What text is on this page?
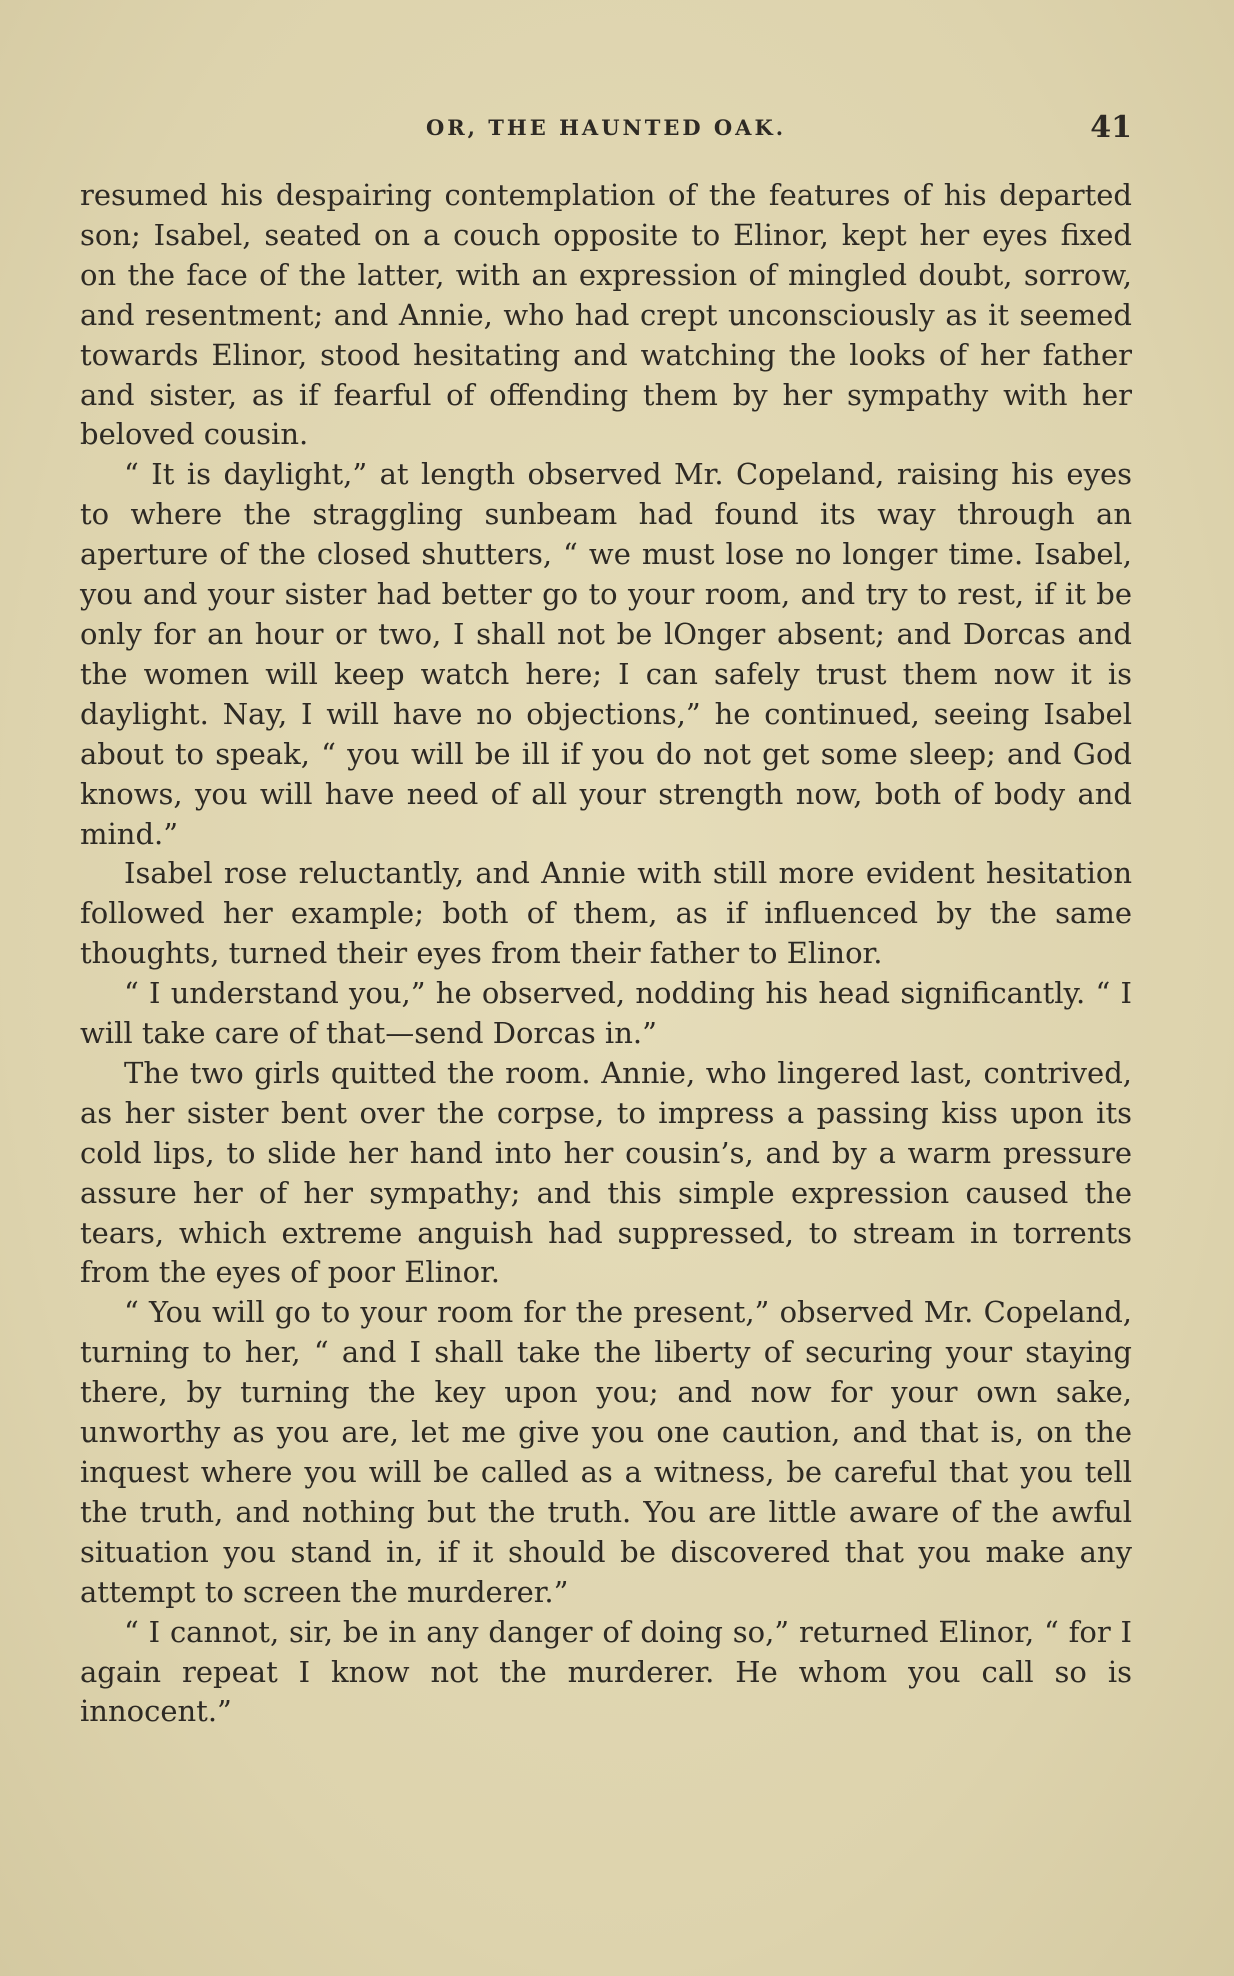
OR, THE HAUNTED OAK.	41

resumed his despairing contemplation of the features of his departed son; Isabel, seated on a couch opposite to Elinor, kept her eyes fixed on the face of the latter, with an expression of mingled doubt, sorrow, and resentment; and Annie, who had crept unconsciously as it seemed towards Elinor, stood hesitating and watching the looks of her father and sister, as if fearful of offending them by her sympathy with her beloved cousin.

“ It is daylight,” at length observed Mr. Copeland, raising his eyes to where the straggling sunbeam had found its way through an aperture of the closed shutters, “ we must lose no longer time. Isabel, you and your sister had better go to your room, and try to rest, if it be only for an hour or two, I shall not be lOnger absent; and Dorcas and the women will keep watch here; I can safely trust them now it is daylight. Nay, I will have no objections,” he continued, seeing Isabel about to speak, “ you will be ill if you do not get some sleep; and God knows, you will have need of all your strength now, both of body and mind.”

Isabel rose reluctantly, and Annie with still more evident hesitation followed her example; both of them, as if influenced by the same thoughts, turned their eyes from their father to Elinor.

“ I understand you,” he observed, nodding his head significantly. “ I will take care of that—send Dorcas in.”

The two girls quitted the room. Annie, who lingered last, contrived, as her sister bent over the corpse, to impress a passing kiss upon its cold lips, to slide her hand into her cousin’s, and by a warm pressure assure her of her sympathy; and this simple expression caused the tears, which extreme anguish had suppressed, to stream in torrents from the eyes of poor Elinor.

“ You will go to your room for the present,” observed Mr. Copeland, turning to her, “ and I shall take the liberty of securing your staying there, by turning the key upon you; and now for your own sake, unworthy as you are, let me give you one caution, and that is, on the inquest where you will be called as a witness, be careful that you tell the truth, and nothing but the truth. You are little aware of the awful situation you stand in, if it should be discovered that you make any attempt to screen the murderer.”

“ I cannot, sir, be in any danger of doing so,” returned Elinor, “ for I again repeat I know not the murderer. He whom you call so is innocent.”
